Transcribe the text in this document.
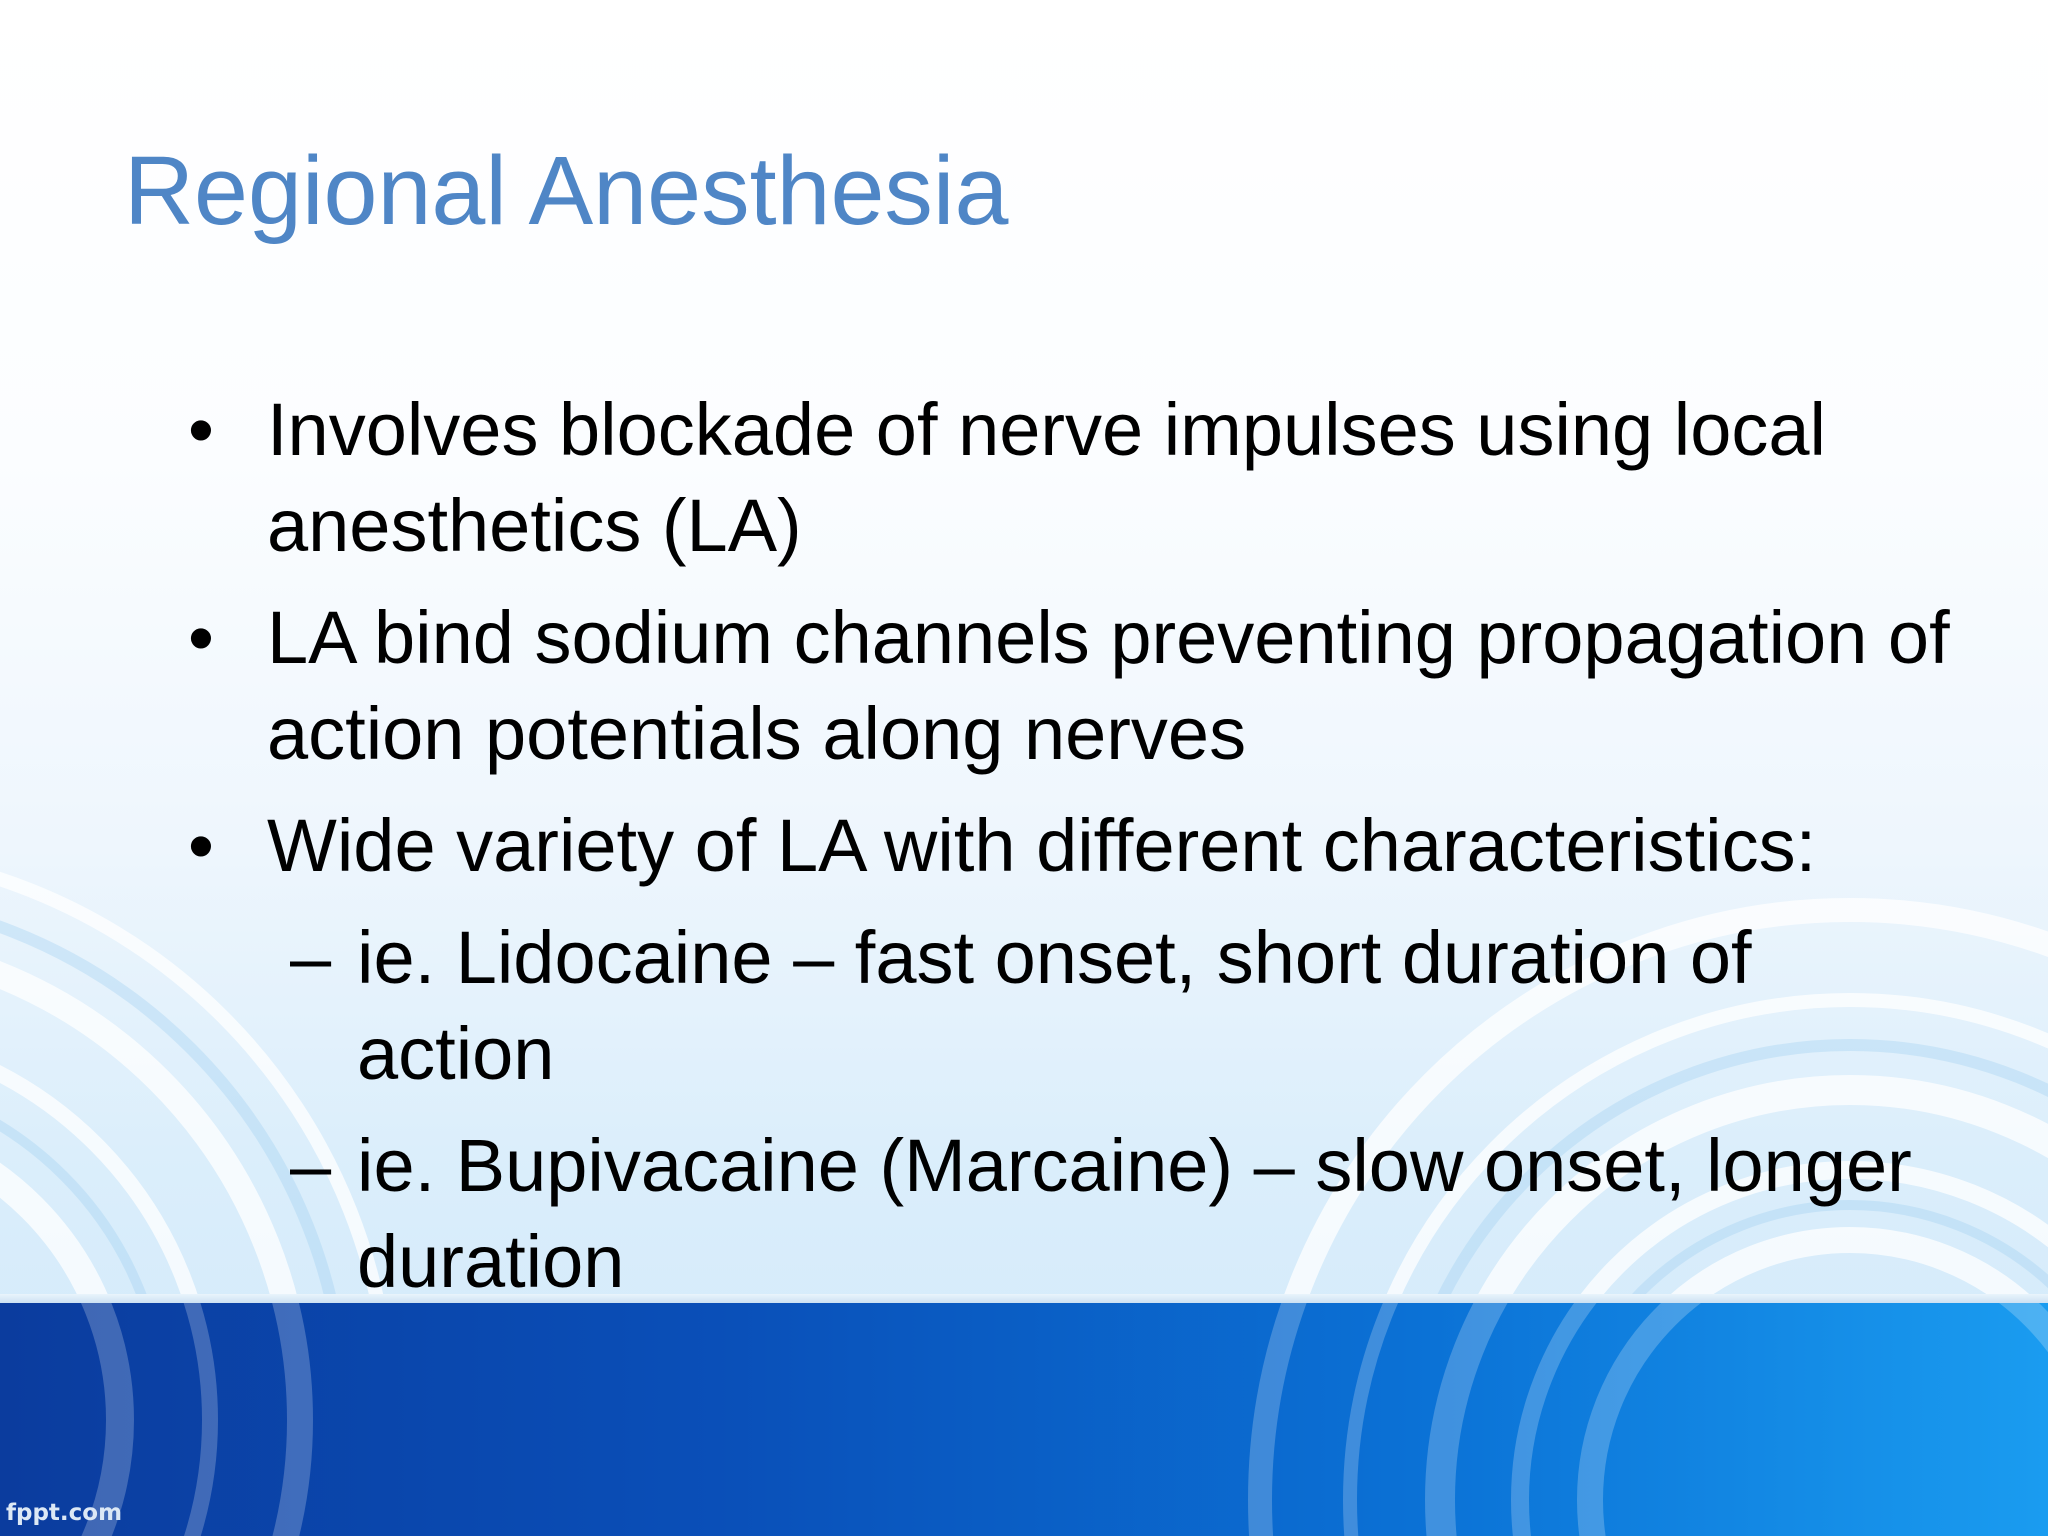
fppt.com
Regional Anesthesia
• Involves blockade of nerve impulses using local anesthetics (LA)
• LA bind sodium channels preventing propagation of action potentials along nerves
• Wide variety of LA with different characteristics:
– ie. Lidocaine – fast onset, short duration of action
– ie. Bupivacaine (Marcaine) – slow onset, longer duration
